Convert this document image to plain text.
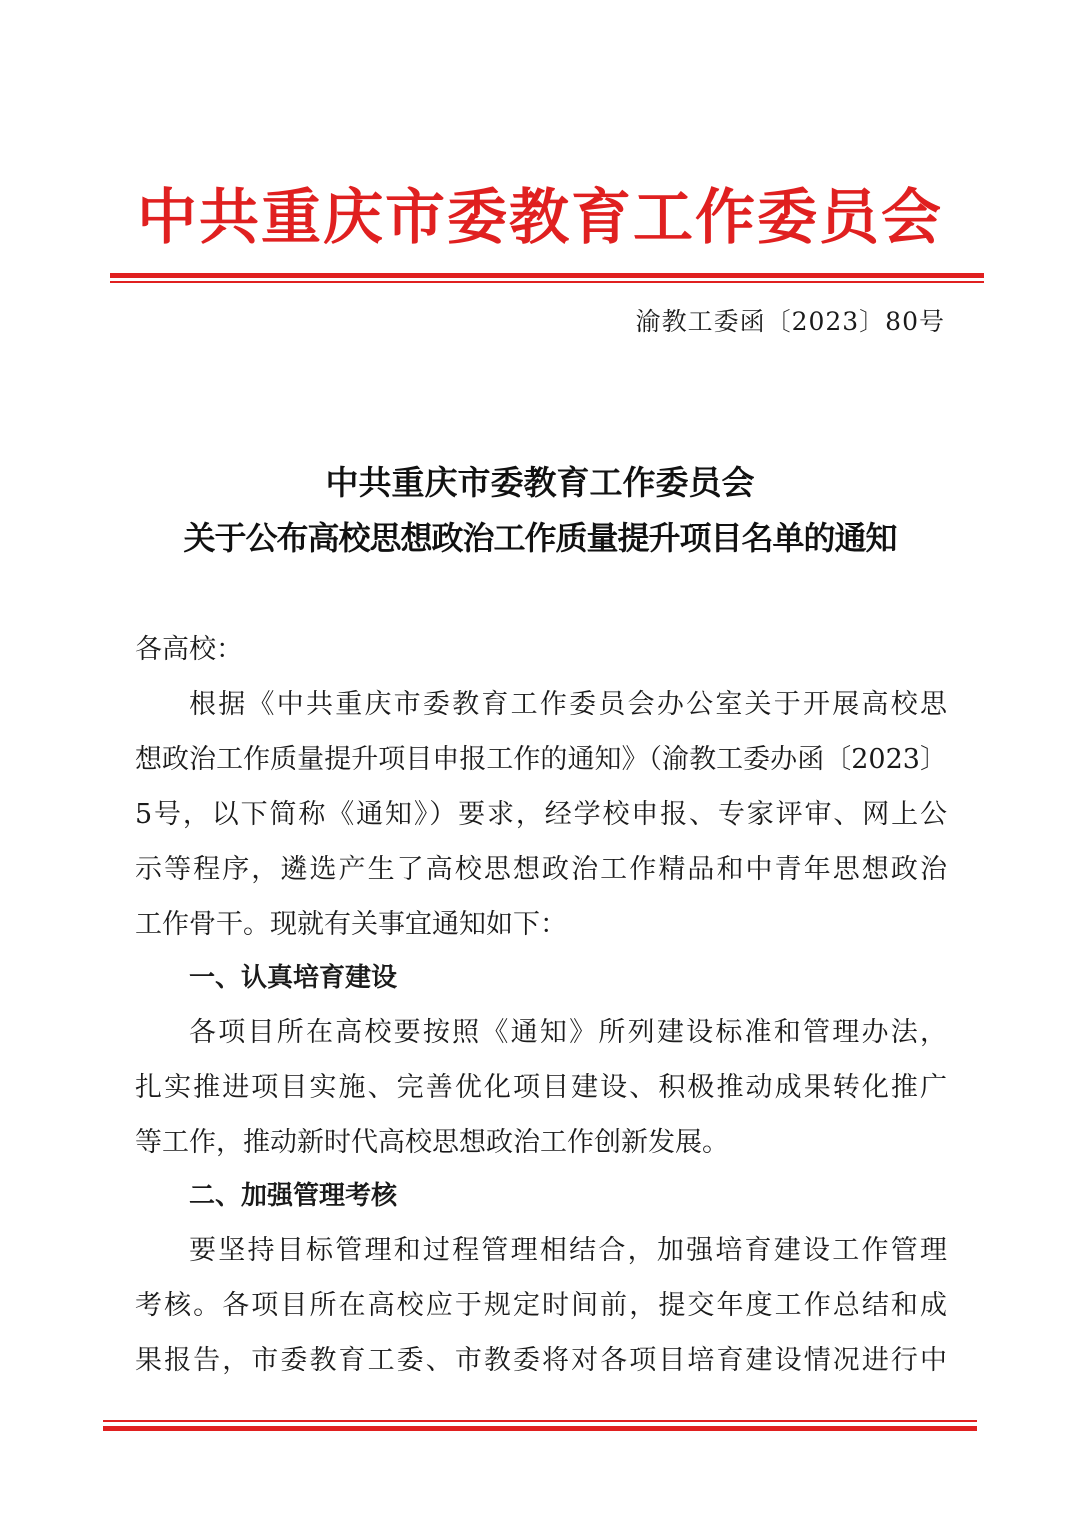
中共重庆市委教育工作委员会
渝教工委函〔2023〕80号
中共重庆市委教育工作委员会
关于公布高校思想政治工作质量提升项目名单的通知
各高校：
根据《中共重庆市委教育工作委员会办公室关于开展高校思
想政治工作质量提升项目申报工作的通知》（渝教工委办函〔2023〕
5号，以下简称《通知》）要求，经学校申报、专家评审、网上公
示等程序，遴选产生了高校思想政治工作精品和中青年思想政治
工作骨干。现就有关事宜通知如下：
一、认真培育建设
各项目所在高校要按照《通知》所列建设标准和管理办法，
扎实推进项目实施、完善优化项目建设、积极推动成果转化推广
等工作，推动新时代高校思想政治工作创新发展。
二、加强管理考核
要坚持目标管理和过程管理相结合，加强培育建设工作管理
考核。各项目所在高校应于规定时间前，提交年度工作总结和成
果报告，市委教育工委、市教委将对各项目培育建设情况进行中
